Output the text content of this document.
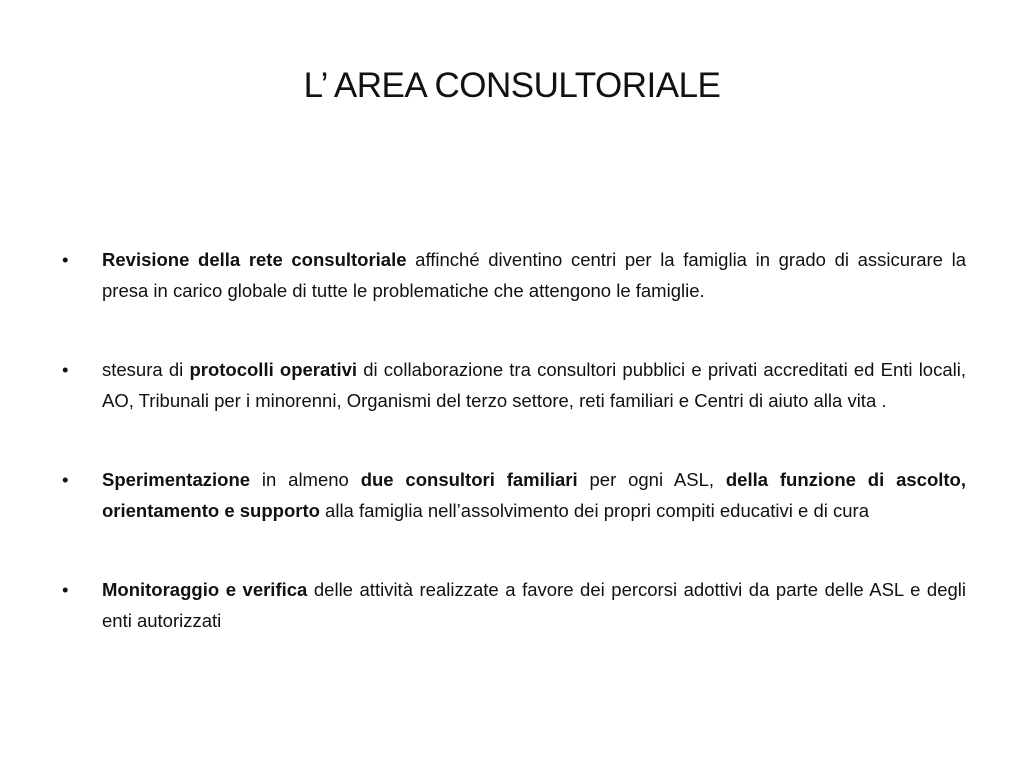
L’ AREA CONSULTORIALE
•	Revisione della rete consultoriale affinché diventino centri per la famiglia in grado di assicurare la presa in carico globale di tutte le problematiche che attengono le famiglie.

•	stesura di protocolli operativi di collaborazione tra consultori pubblici e privati accreditati ed Enti locali, AO, Tribunali per i minorenni, Organismi del terzo settore, reti familiari e Centri di aiuto alla vita .

•	Sperimentazione in almeno due consultori familiari per ogni ASL, della funzione di ascolto, orientamento e supporto alla famiglia nell’assolvimento dei propri compiti educativi e di cura

•	Monitoraggio e verifica delle attività realizzate a favore dei percorsi adottivi da parte delle ASL e degli enti autorizzati
